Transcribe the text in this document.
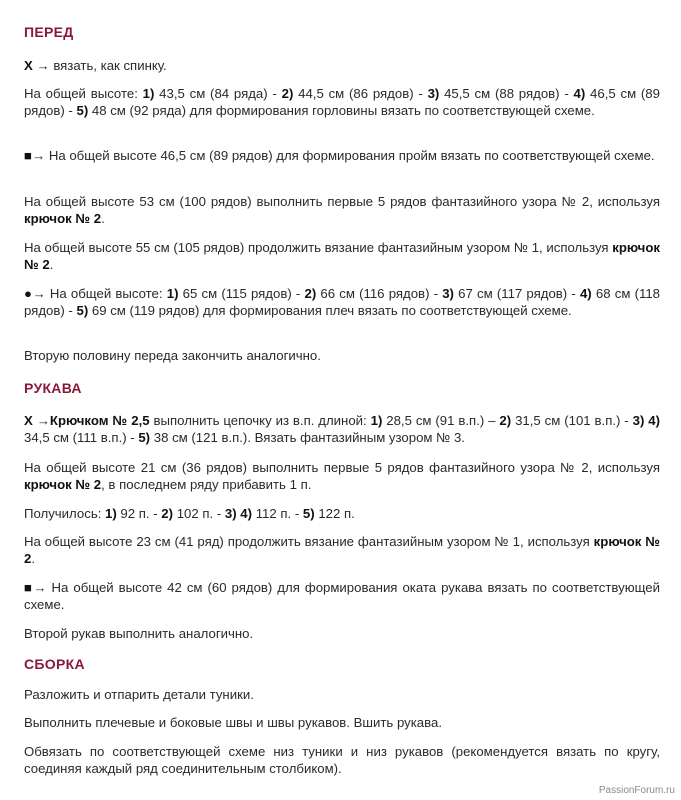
ПЕРЕД
X → вязать, как спинку.
На общей высоте: 1) 43,5 см (84 ряда) - 2) 44,5 см (86 рядов) - 3) 45,5 см (88 рядов) - 4) 46,5 см (89 рядов) - 5) 48 см (92 ряда) для формирования горловины вязать по соответствующей схеме.
■→ На общей высоте 46,5 см (89 рядов) для формирования пройм вязать по соответствующей схеме.
На общей высоте 53 см (100 рядов) выполнить первые 5 рядов фантазийного узора № 2, используя крючок № 2.
На общей высоте 55 см (105 рядов) продолжить вязание фантазийным узором № 1, используя крючок № 2.
●→ На общей высоте: 1) 65 см (115 рядов) - 2) 66 см (116 рядов) - 3) 67 см (117 рядов) - 4) 68 см (118 рядов) - 5) 69 см (119 рядов) для формирования плеч вязать по соответствующей схеме.
Вторую половину переда закончить аналогично.
РУКАВА
X →Крючком № 2,5 выполнить цепочку из в.п. длиной: 1) 28,5 см (91 в.п.) – 2) 31,5 см (101 в.п.) - 3) 4) 34,5 см (111 в.п.) - 5) 38 см (121 в.п.). Вязать фантазийным узором № 3.
На общей высоте 21 см (36 рядов) выполнить первые 5 рядов фантазийного узора № 2, используя крючок № 2, в последнем ряду прибавить 1 п.
Получилось: 1) 92 п. - 2) 102 п. - 3) 4) 112 п. - 5) 122 п.
На общей высоте 23 см (41 ряд) продолжить вязание фантазийным узором № 1, используя крючок № 2.
■→ На общей высоте 42 см (60 рядов) для формирования оката рукава вязать по соответствующей схеме.
Второй рукав выполнить аналогично.
СБОРКА
Разложить и отпарить детали туники.
Выполнить плечевые и боковые швы и швы рукавов. Вшить рукава.
Обвязать по соответствующей схеме низ туники и низ рукавов (рекомендуется вязать по кругу, соединяя каждый ряд соединительным столбиком).
PassionForum.ru
